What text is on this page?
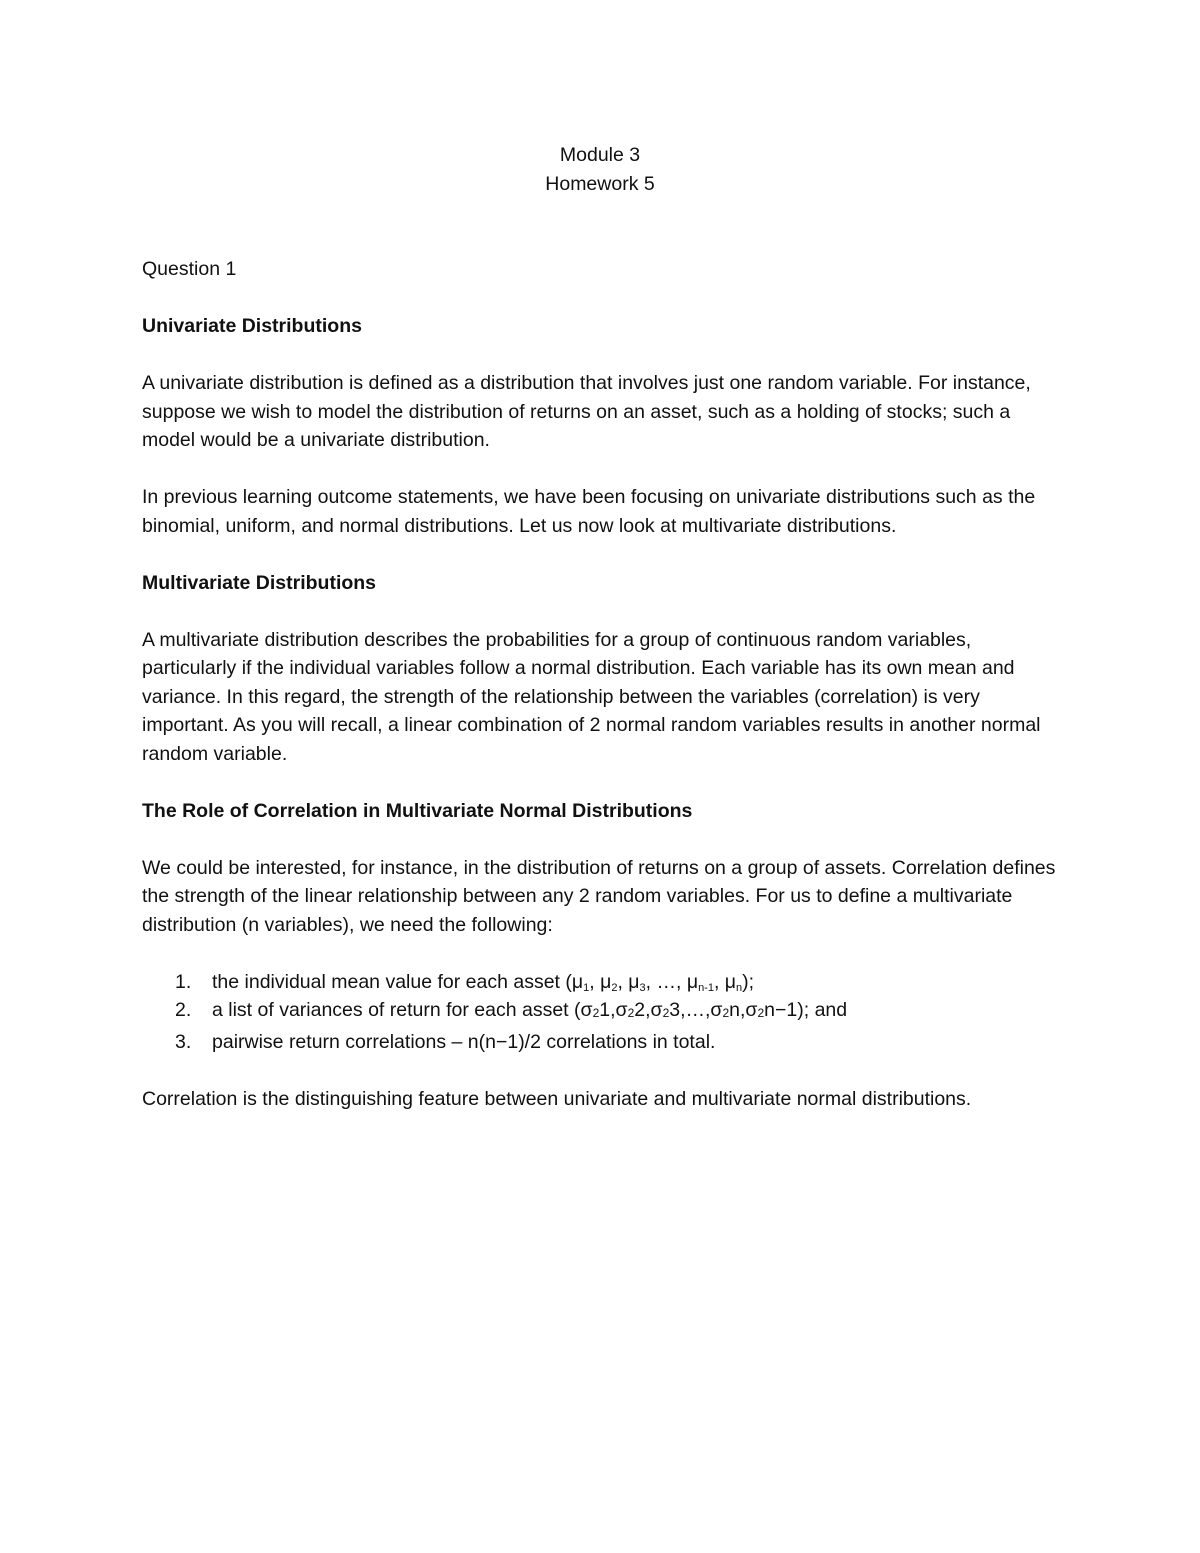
Module 3

Homework 5

Question 1

Univariate Distributions

A univariate distribution is defined as a distribution that involves just one random variable. For instance, suppose we wish to model the distribution of returns on an asset, such as a holding of stocks; such a model would be a univariate distribution.

In previous learning outcome statements, we have been focusing on univariate distributions such as the binomial, uniform, and normal distributions. Let us now look at multivariate distributions.

Multivariate Distributions

A multivariate distribution describes the probabilities for a group of continuous random variables, particularly if the individual variables follow a normal distribution. Each variable has its own mean and variance. In this regard, the strength of the relationship between the variables (correlation) is very important. As you will recall, a linear combination of 2 normal random variables results in another normal random variable.

The Role of Correlation in Multivariate Normal Distributions

We could be interested, for instance, in the distribution of returns on a group of assets. Correlation defines the strength of the linear relationship between any 2 random variables. For us to define a multivariate distribution (n variables), we need the following:

1. the individual mean value for each asset ($\mu_1$, $\mu_2$, $\mu_3$, …, $\mu_{n-1}$, $\mu_n$);
2. a list of variances of return for each asset (σ21,σ22,σ23,…,σ2n,σ2n−1); and
3. pairwise return correlations – n(n−1)/2 correlations in total.

Correlation is the distinguishing feature between univariate and multivariate normal distributions.
